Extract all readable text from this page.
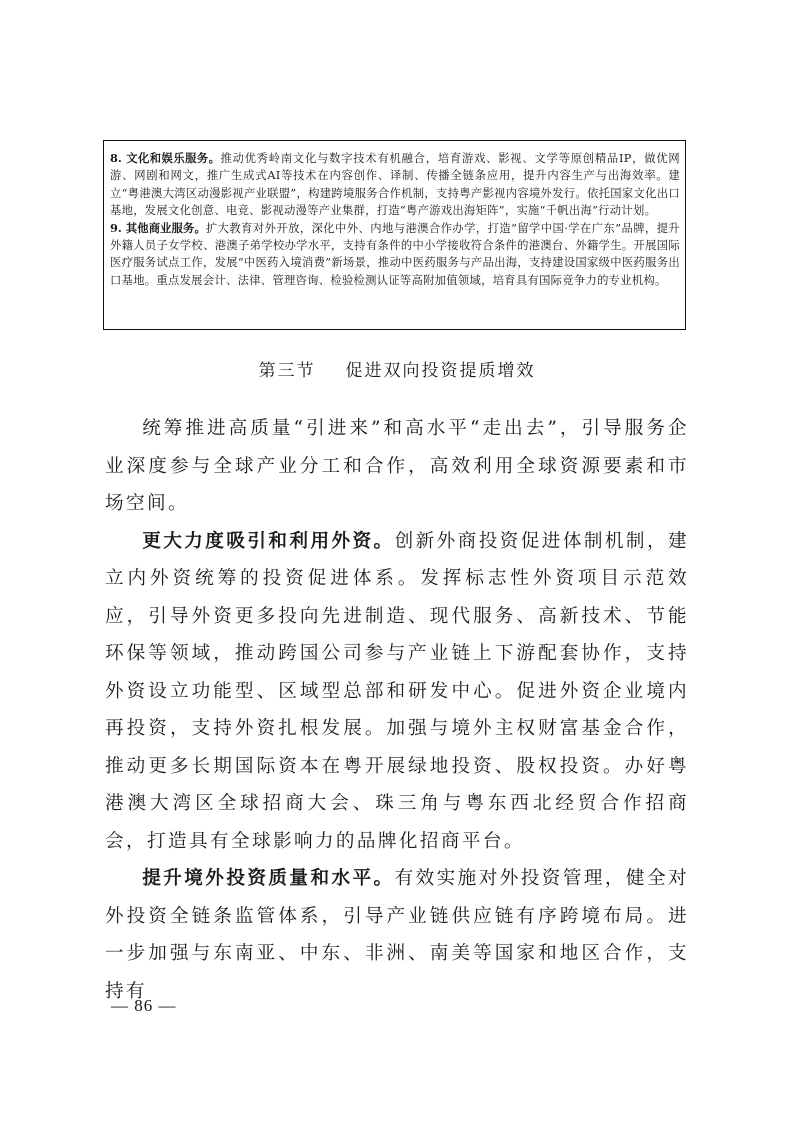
8. 文化和娱乐服务。推动优秀岭南文化与数字技术有机融合，培育游戏、影视、文学等原创精品IP，做优网游、网剧和网文，推广生成式AI等技术在内容创作、译制、传播全链条应用，提升内容生产与出海效率。建立“粤港澳大湾区动漫影视产业联盟”，构建跨境服务合作机制，支持粤产影视内容境外发行。依托国家文化出口基地，发展文化创意、电竞、影视动漫等产业集群，打造“粤产游戏出海矩阵”，实施“千帆出海”行动计划。

9. 其他商业服务。扩大教育对外开放，深化中外、内地与港澳合作办学，打造“留学中国·学在广东”品牌，提升外籍人员子女学校、港澳子弟学校办学水平，支持有条件的中小学接收符合条件的港澳台、外籍学生。开展国际医疗服务试点工作，发展“中医药入境消费”新场景，推动中医药服务与产品出海，支持建设国家级中医药服务出口基地。重点发展会计、法律、管理咨询、检验检测认证等高附加值领域，培育具有国际竞争力的专业机构。

第三节 促进双向投资提质增效

统筹推进高质量“引进来”和高水平“走出去”，引导服务企业深度参与全球产业分工和合作，高效利用全球资源要素和市场空间。

更大力度吸引和利用外资。创新外商投资促进体制机制，建立内外资统筹的投资促进体系。发挥标志性外资项目示范效应，引导外资更多投向先进制造、现代服务、高新技术、节能环保等领域，推动跨国公司参与产业链上下游配套协作，支持外资设立功能型、区域型总部和研发中心。促进外资企业境内再投资，支持外资扎根发展。加强与境外主权财富基金合作，推动更多长期国际资本在粤开展绿地投资、股权投资。办好粤港澳大湾区全球招商大会、珠三角与粤东西北经贸合作招商会，打造具有全球影响力的品牌化招商平台。

提升境外投资质量和水平。有效实施对外投资管理，健全对外投资全链条监管体系，引导产业链供应链有序跨境布局。进一步加强与东南亚、中东、非洲、南美等国家和地区合作，支持有

— 86 —
